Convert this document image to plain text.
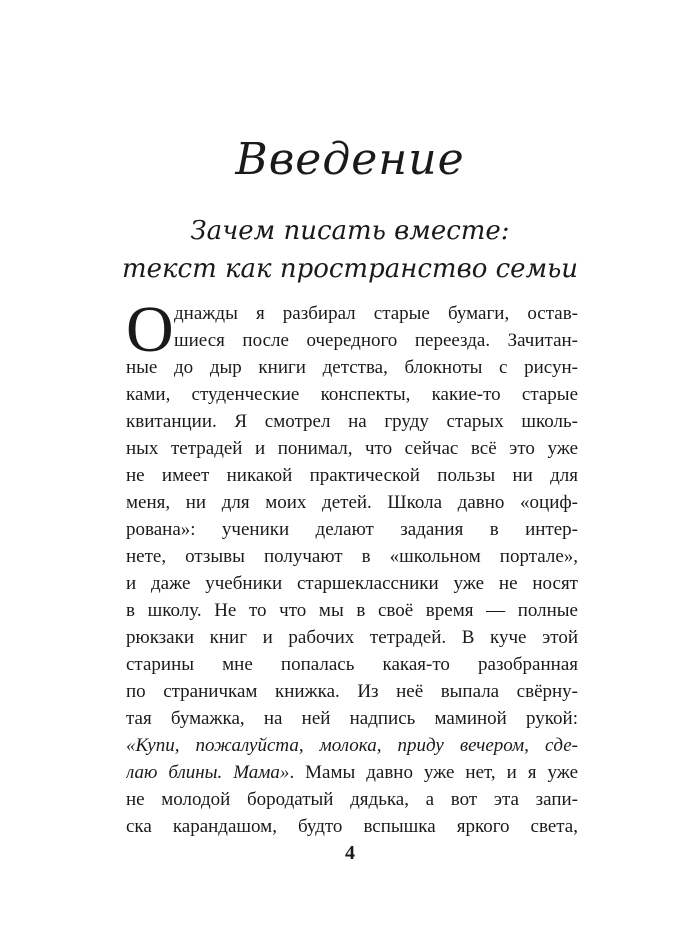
Введение
Зачем писать вместе:
текст как пространство семьи
О днажды я разбирал старые бумаги, остав-
шиеся после очередного переезда. Зачитан-
ные до дыр книги детства, блокноты с рисун-
ками, студенческие конспекты, какие-то старые
квитанции. Я смотрел на груду старых школь-
ных тетрадей и понимал, что сейчас всё это уже
не имеет никакой практической пользы ни для
меня, ни для моих детей. Школа давно «оциф-
рована»: ученики делают задания в интер-
нете, отзывы получают в «школьном портале»,
и даже учебники старшеклассники уже не носят
в школу. Не то что мы в своё время — полные
рюкзаки книг и рабочих тетрадей. В куче этой
старины мне попалась какая-то разобранная
по страничкам книжка. Из неё выпала свёрну-
тая бумажка, на ней надпись маминой рукой:
«Купи, пожалуйста, молока, приду вечером, сде-
лаю блины. Мама». Мамы давно уже нет, и я уже
не молодой бородатый дядька, а вот эта запи-
ска карандашом, будто вспышка яркого света,
4
